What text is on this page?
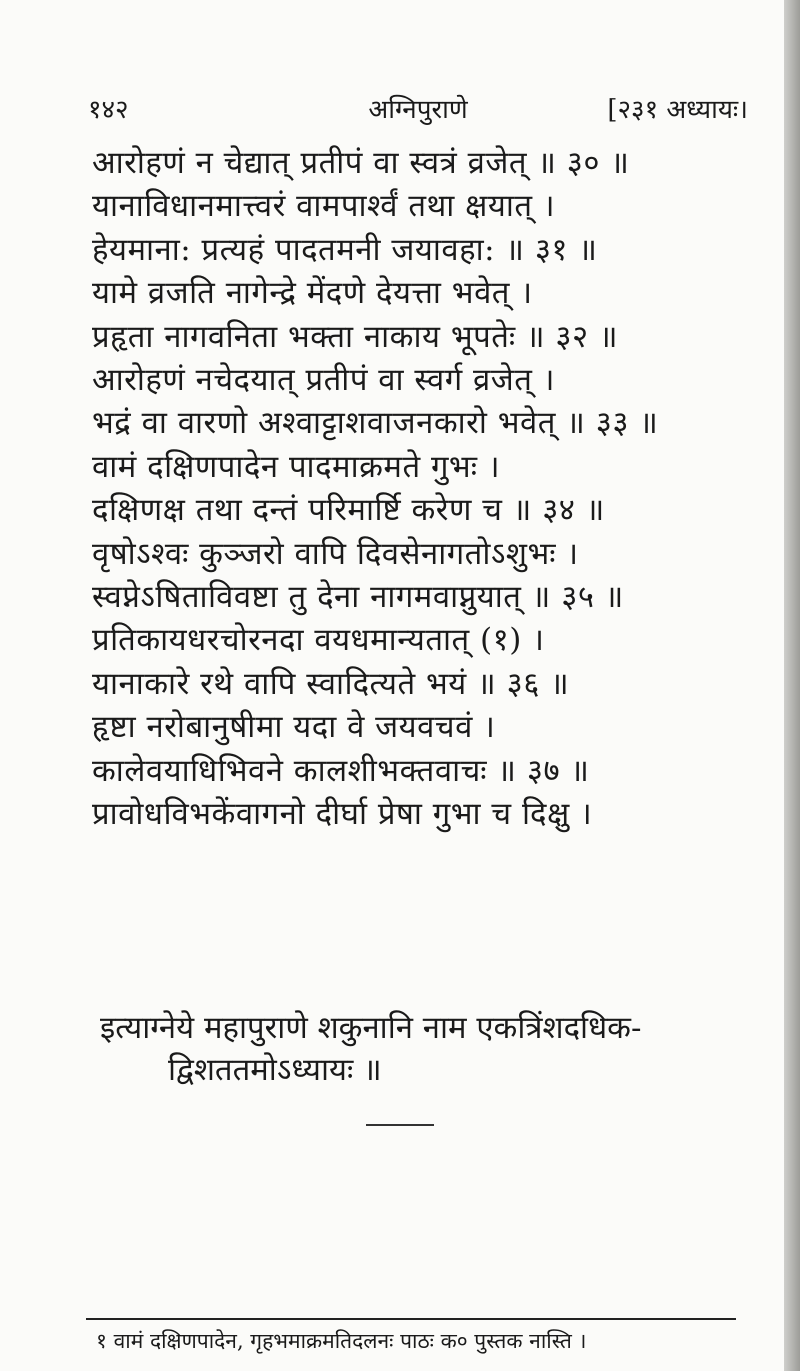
१४२	अग्निपुराणे	[२३१ अध्यायः।
आरोहणं न चेद्यात् प्रतीपं वा स्वत्रं व्रजेत् ॥ ३० ॥
यानाविधानमात्त्वरं वामपार्श्वं तथा क्षयात् ।
हेयमाना: प्रत्यहं पादतमनी जयावहा: ॥ ३१ ॥
यामे व्रजति नागेन्द्रे मेंदणे देयत्ता भवेत् ।
प्रहृता नागवनिता भक्ता नाकाय भूपतेः ॥ ३२ ॥
आरोहणं नचेदयात् प्रतीपं वा स्वर्ग व्रजेत् ।
भद्रं वा वारणो अश्वाट्टाशवाजनकारो भवेत् ॥ ३३ ॥
वामं दक्षिणपादेन पादमाक्रमते गुभः ।
दक्षिणक्ष तथा दन्तं परिमार्ष्टि करेण च ॥ ३४ ॥
वृषोऽश्वः कुञ्जरो वापि दिवसेनागतोऽशुभः ।
स्वप्नेऽषिताविवष्टा तु देना नागमवाप्नुयात् ॥ ३५ ॥
प्रतिकायधरचोरनदा वयधमान्यतात् (१) ।
यानाकारे रथे वापि स्वादित्यते भयं ॥ ३६ ॥
हृष्टा नरोबानुषीमा यदा वे जयवचवं ।
कालेवयाधिभिवने कालशीभक्तवाचः ॥ ३७ ॥
प्रावोधविभकेंवागनो दीर्घा प्रेषा गुभा च दिक्षु ।
इत्याग्नेये महापुराणे शकुनानि नाम एकत्रिंशदधिक-
द्विशततमोऽध्यायः ॥
१ वामं दक्षिणपादेन, गृहभमाक्रमतिदलनः पाठः क० पुस्तक नास्ति ।
